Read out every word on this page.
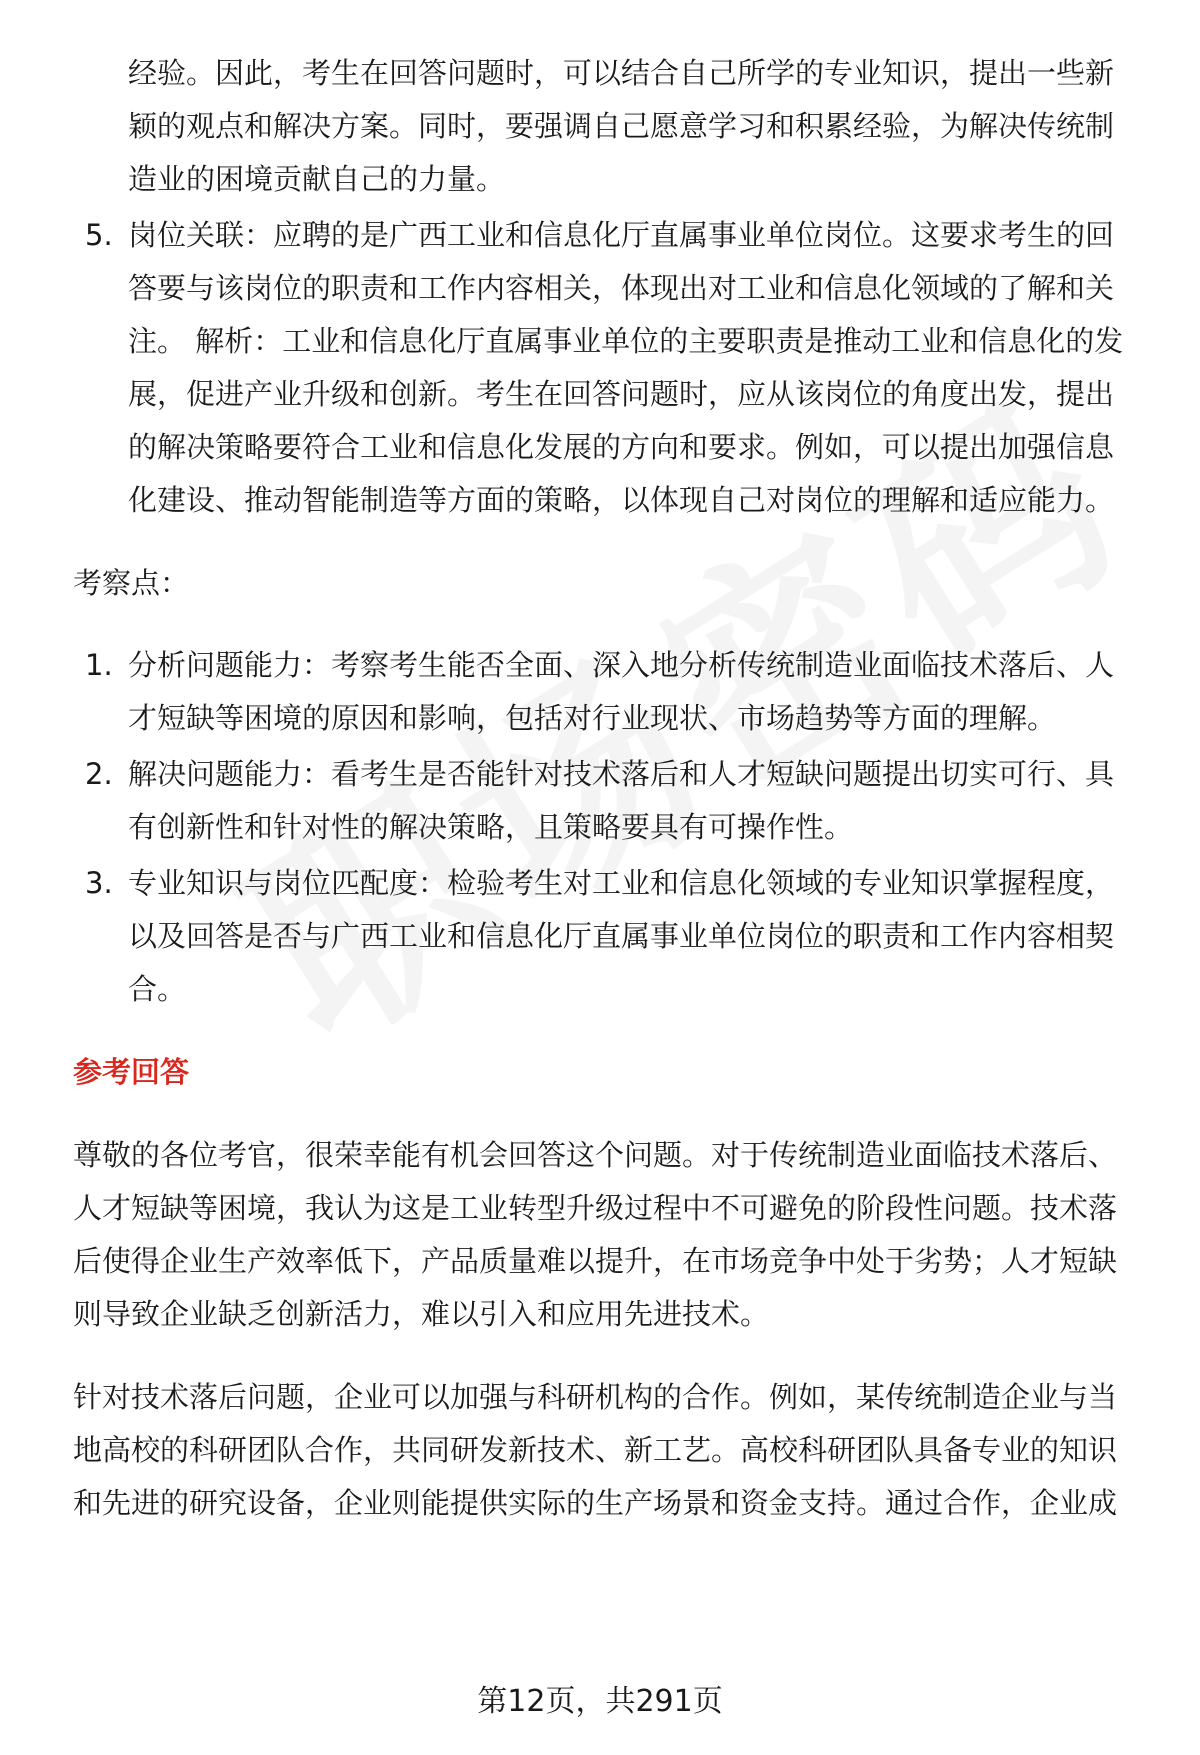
经验。因此，考生在回答问题时，可以结合自己所学的专业知识，提出一些新

颖的观点和解决方案。同时，要强调自己愿意学习和积累经验，为解决传统制

造业的困境贡献自己的力量。

5. 岗位关联：应聘的是广西工业和信息化厅直属事业单位岗位。这要求考生的回

答要与该岗位的职责和工作内容相关，体现出对工业和信息化领域的了解和关

注。 解析：工业和信息化厅直属事业单位的主要职责是推动工业和信息化的发

展，促进产业升级和创新。考生在回答问题时，应从该岗位的角度出发，提出

的解决策略要符合工业和信息化发展的方向和要求。例如，可以提出加强信息

化建设、推动智能制造等方面的策略，以体现自己对岗位的理解和适应能力。

考察点：

1. 分析问题能力：考察考生能否全面、深入地分析传统制造业面临技术落后、人

才短缺等困境的原因和影响，包括对行业现状、市场趋势等方面的理解。

2. 解决问题能力：看考生是否能针对技术落后和人才短缺问题提出切实可行、具

有创新性和针对性的解决策略，且策略要具有可操作性。

3. 专业知识与岗位匹配度：检验考生对工业和信息化领域的专业知识掌握程度，

以及回答是否与广西工业和信息化厅直属事业单位岗位的职责和工作内容相契

合。

参考回答

尊敬的各位考官，很荣幸能有机会回答这个问题。对于传统制造业面临技术落后、

人才短缺等困境，我认为这是工业转型升级过程中不可避免的阶段性问题。技术落

后使得企业生产效率低下，产品质量难以提升，在市场竞争中处于劣势；人才短缺

则导致企业缺乏创新活力，难以引入和应用先进技术。

针对技术落后问题，企业可以加强与科研机构的合作。例如，某传统制造企业与当

地高校的科研团队合作，共同研发新技术、新工艺。高校科研团队具备专业的知识

和先进的研究设备，企业则能提供实际的生产场景和资金支持。通过合作，企业成

第12页，共291页
